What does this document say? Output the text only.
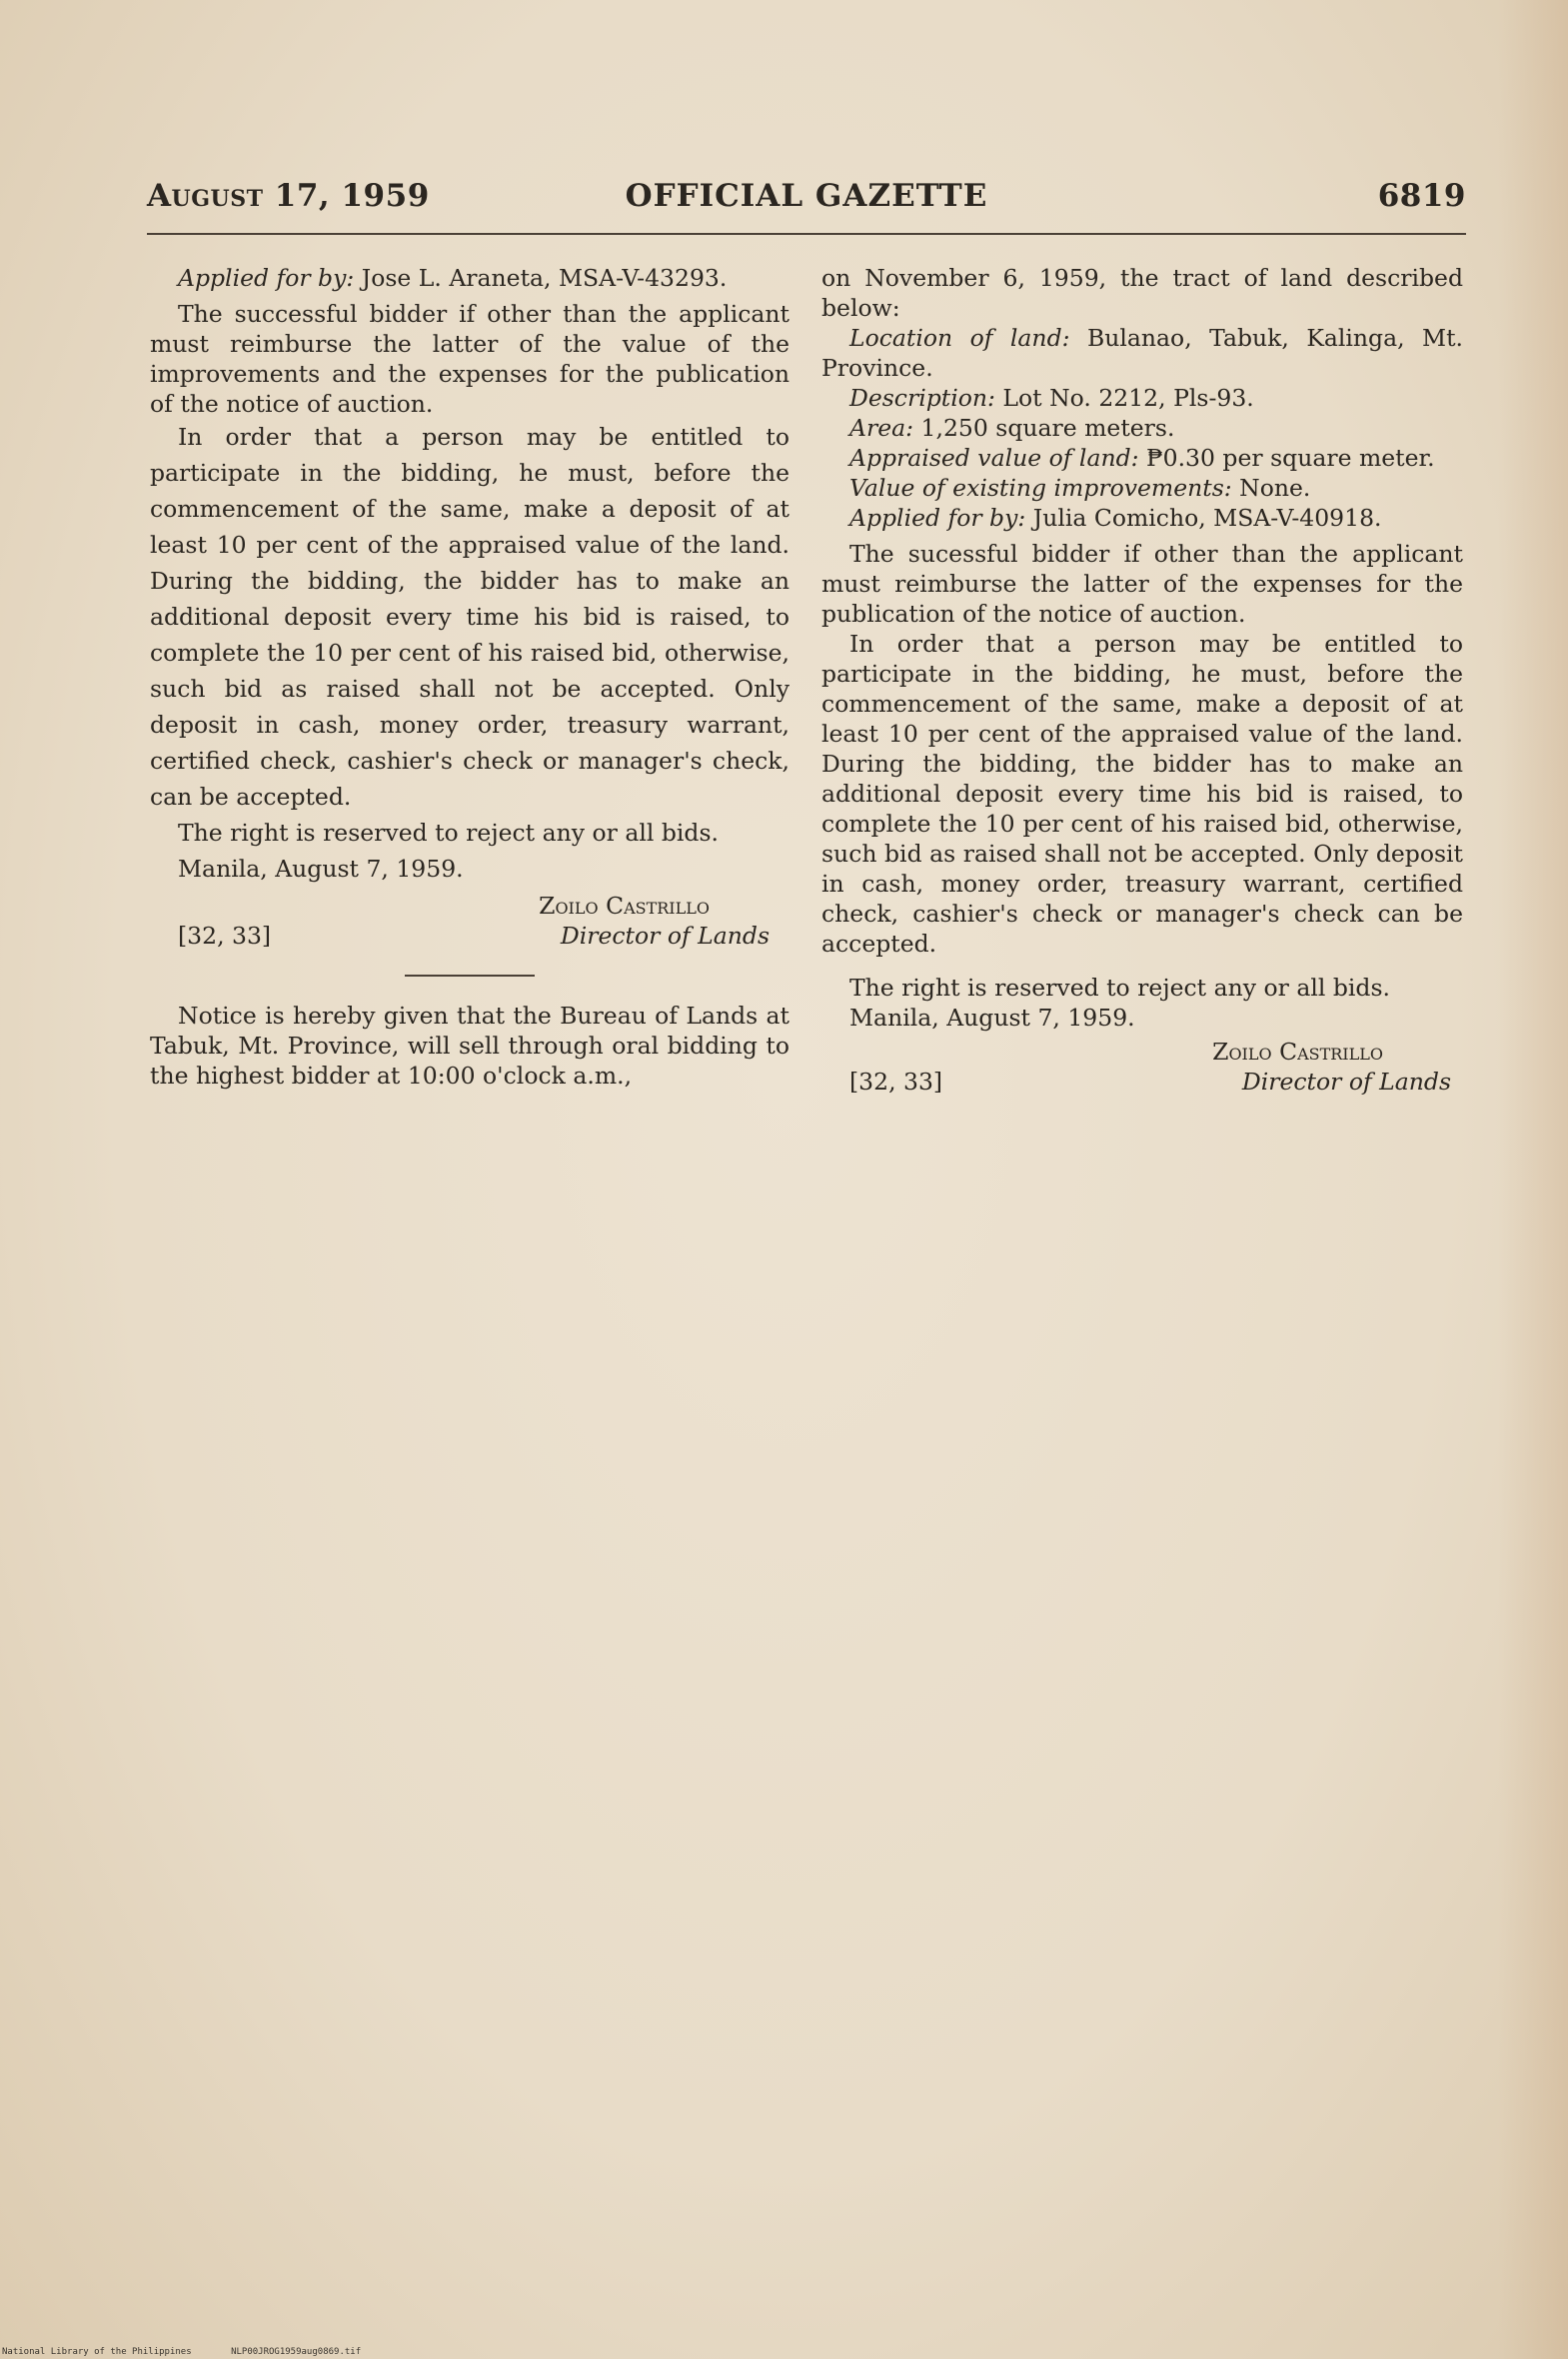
August 17, 1959	OFFICIAL GAZETTE	6819

Applied for by: Jose L. Araneta, MSA-V-43293.

The successful bidder if other than the applicant must reimburse the latter of the value of the improvements and the expenses for the publication of the notice of auction.

In order that a person may be entitled to participate in the bidding, he must, before the commencement of the same, make a deposit of at least 10 per cent of the appraised value of the land. During the bidding, the bidder has to make an additional deposit every time his bid is raised, to complete the 10 per cent of his raised bid, otherwise, such bid as raised shall not be accepted. Only deposit in cash, money order, treasury warrant, certified check, cashier's check or manager's check, can be accepted.

The right is reserved to reject any or all bids.

Manila, August 7, 1959.

Zoilo Castrillo
[32, 33]	Director of Lands

Notice is hereby given that the Bureau of Lands at Tabuk, Mt. Province, will sell through oral bidding to the highest bidder at 10:00 o'clock a.m.,

on November 6, 1959, the tract of land described below:

Location of land: Bulanao, Tabuk, Kalinga, Mt. Province.

Description: Lot No. 2212, Pls-93.

Area: 1,250 square meters.

Appraised value of land: ₱0.30 per square meter.

Value of existing improvements: None.

Applied for by: Julia Comicho, MSA-V-40918.

The sucessful bidder if other than the applicant must reimburse the latter of the expenses for the publication of the notice of auction.

In order that a person may be entitled to participate in the bidding, he must, before the commencement of the same, make a deposit of at least 10 per cent of the appraised value of the land. During the bidding, the bidder has to make an additional deposit every time his bid is raised, to complete the 10 per cent of his raised bid, otherwise, such bid as raised shall not be accepted. Only deposit in cash, money order, treasury warrant, certified check, cashier's check or manager's check can be accepted.

The right is reserved to reject any or all bids.

Manila, August 7, 1959.

Zoilo Castrillo
[32, 33]	Director of Lands
National Library of the Philippines	NLP00JROG1959aug0869.tif
